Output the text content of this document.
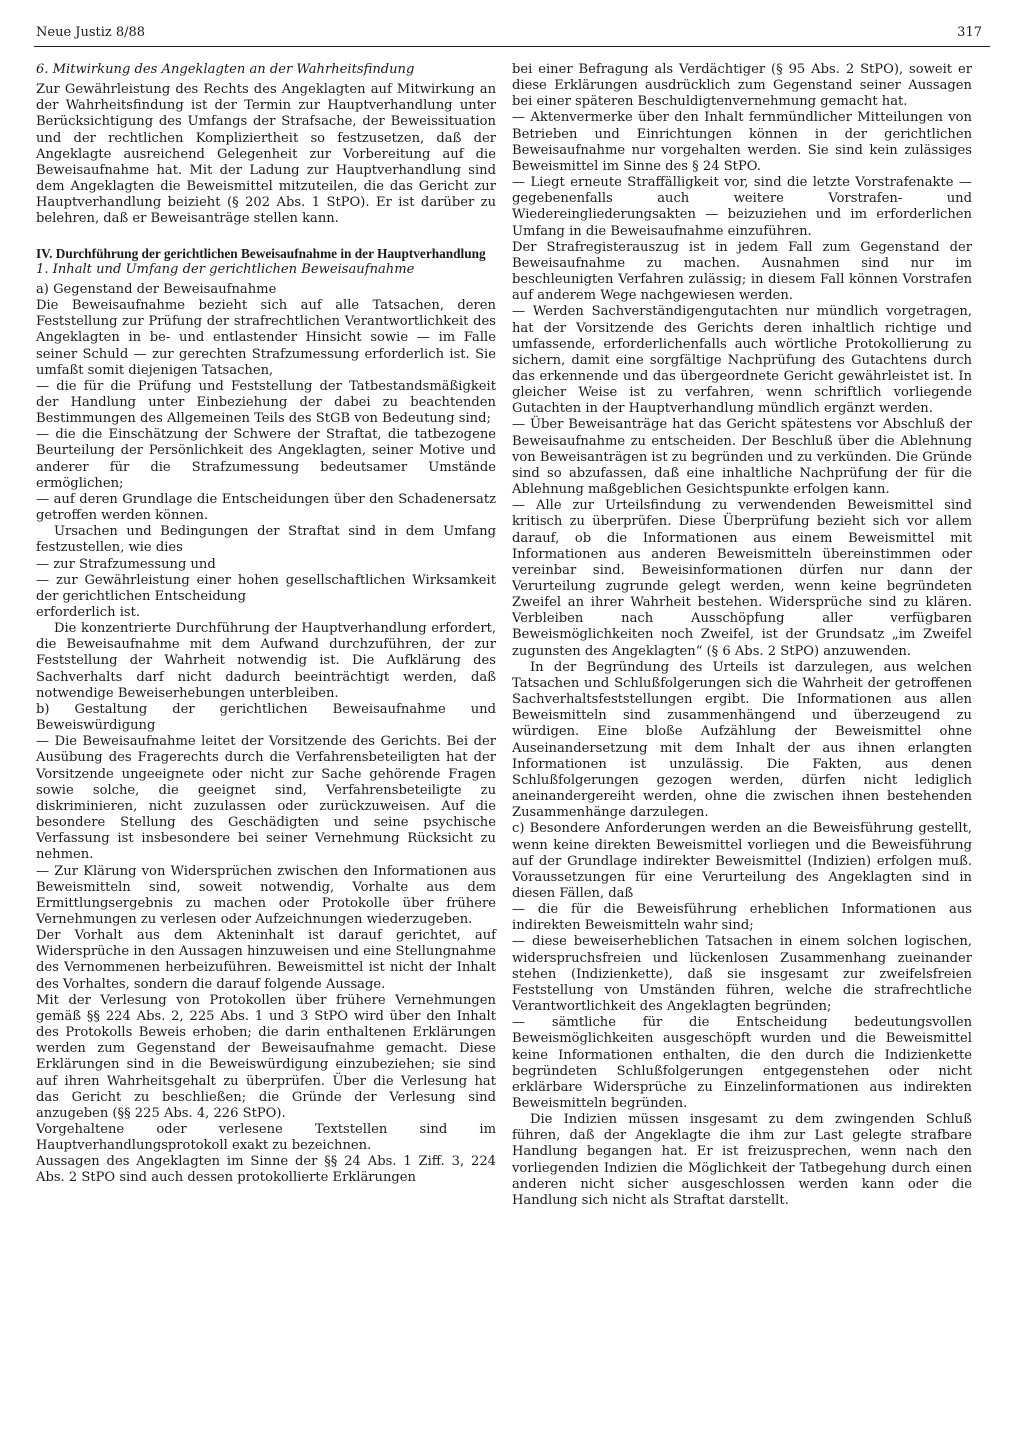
Neue Justiz 8/88	317

6. Mitwirkung des Angeklagten an der Wahrheitsfindung

Zur Gewährleistung des Rechts des Angeklagten auf Mitwirkung an der Wahrheitsfindung ist der Termin zur Hauptverhandlung unter Berücksichtigung des Umfangs der Strafsache, der Beweissituation und der rechtlichen Kompliziertheit so festzusetzen, daß der Angeklagte ausreichend Gelegenheit zur Vorbereitung auf die Beweisaufnahme hat. Mit der Ladung zur Hauptverhandlung sind dem Angeklagten die Beweismittel mitzuteilen, die das Gericht zur Hauptverhandlung beizieht (§ 202 Abs. 1 StPO). Er ist darüber zu belehren, daß er Beweisanträge stellen kann.

IV. Durchführung der gerichtlichen Beweisaufnahme in der Hauptverhandlung

1. Inhalt und Umfang der gerichtlichen Beweisaufnahme

a) Gegenstand der Beweisaufnahme

Die Beweisaufnahme bezieht sich auf alle Tatsachen, deren Feststellung zur Prüfung der strafrechtlichen Verantwortlichkeit des Angeklagten in be- und entlastender Hinsicht sowie — im Falle seiner Schuld — zur gerechten Strafzumessung erforderlich ist. Sie umfaßt somit diejenigen Tatsachen,

— die für die Prüfung und Feststellung der Tatbestandsmäßigkeit der Handlung unter Einbeziehung der dabei zu beachtenden Bestimmungen des Allgemeinen Teils des StGB von Bedeutung sind;

— die die Einschätzung der Schwere der Straftat, die tatbezogene Beurteilung der Persönlichkeit des Angeklagten, seiner Motive und anderer für die Strafzumessung bedeutsamer Umstände ermöglichen;

— auf deren Grundlage die Entscheidungen über den Schadenersatz getroffen werden können.

Ursachen und Bedingungen der Straftat sind in dem Umfang festzustellen, wie dies

— zur Strafzumessung und

— zur Gewährleistung einer hohen gesellschaftlichen Wirksamkeit der gerichtlichen Entscheidung

erforderlich ist.

Die konzentrierte Durchführung der Hauptverhandlung erfordert, die Beweisaufnahme mit dem Aufwand durchzuführen, der zur Feststellung der Wahrheit notwendig ist. Die Aufklärung des Sachverhalts darf nicht dadurch beeinträchtigt werden, daß notwendige Beweiserhebungen unterbleiben.

b) Gestaltung der gerichtlichen Beweisaufnahme und Beweiswürdigung

— Die Beweisaufnahme leitet der Vorsitzende des Gerichts. Bei der Ausübung des Fragerechts durch die Verfahrensbeteiligten hat der Vorsitzende ungeeignete oder nicht zur Sache gehörende Fragen sowie solche, die geeignet sind, Verfahrensbeteiligte zu diskriminieren, nicht zuzulassen oder zurückzuweisen. Auf die besondere Stellung des Geschädigten und seine psychische Verfassung ist insbesondere bei seiner Vernehmung Rücksicht zu nehmen.

— Zur Klärung von Widersprüchen zwischen den Informationen aus Beweismitteln sind, soweit notwendig, Vorhalte aus dem Ermittlungsergebnis zu machen oder Protokolle über frühere Vernehmungen zu verlesen oder Aufzeichnungen wiederzugeben.

Der Vorhalt aus dem Akteninhalt ist darauf gerichtet, auf Widersprüche in den Aussagen hinzuweisen und eine Stellungnahme des Vernommenen herbeizuführen. Beweismittel ist nicht der Inhalt des Vorhaltes, sondern die darauf folgende Aussage.

Mit der Verlesung von Protokollen über frühere Vernehmungen gemäß §§ 224 Abs. 2, 225 Abs. 1 und 3 StPO wird über den Inhalt des Protokolls Beweis erhoben; die darin enthaltenen Erklärungen werden zum Gegenstand der Beweisaufnahme gemacht. Diese Erklärungen sind in die Beweiswürdigung einzubeziehen; sie sind auf ihren Wahrheitsgehalt zu überprüfen. Über die Verlesung hat das Gericht zu beschließen; die Gründe der Verlesung sind anzugeben (§§ 225 Abs. 4, 226 StPO).

Vorgehaltene oder verlesene Textstellen sind im Hauptverhandlungsprotokoll exakt zu bezeichnen.

Aussagen des Angeklagten im Sinne der §§ 24 Abs. 1 Ziff. 3, 224 Abs. 2 StPO sind auch dessen protokollierte Erklärungen

bei einer Befragung als Verdächtiger (§ 95 Abs. 2 StPO), soweit er diese Erklärungen ausdrücklich zum Gegenstand seiner Aussagen bei einer späteren Beschuldigtenvernehmung gemacht hat.

— Aktenvermerke über den Inhalt fernmündlicher Mitteilungen von Betrieben und Einrichtungen können in der gerichtlichen Beweisaufnahme nur vorgehalten werden. Sie sind kein zulässiges Beweismittel im Sinne des § 24 StPO.

— Liegt erneute Straffälligkeit vor, sind die letzte Vorstrafenakte — gegebenenfalls auch weitere Vorstrafen- und Wiedereingliederungsakten — beizuziehen und im erforderlichen Umfang in die Beweisaufnahme einzuführen.

Der Strafregisterauszug ist in jedem Fall zum Gegenstand der Beweisaufnahme zu machen. Ausnahmen sind nur im beschleunigten Verfahren zulässig; in diesem Fall können Vorstrafen auf anderem Wege nachgewiesen werden.

— Werden Sachverständigengutachten nur mündlich vorgetragen, hat der Vorsitzende des Gerichts deren inhaltlich richtige und umfassende, erforderlichenfalls auch wörtliche Protokollierung zu sichern, damit eine sorgfältige Nachprüfung des Gutachtens durch das erkennende und das übergeordnete Gericht gewährleistet ist. In gleicher Weise ist zu verfahren, wenn schriftlich vorliegende Gutachten in der Hauptverhandlung mündlich ergänzt werden.

— Über Beweisanträge hat das Gericht spätestens vor Abschluß der Beweisaufnahme zu entscheiden. Der Beschluß über die Ablehnung von Beweisanträgen ist zu begründen und zu verkünden. Die Gründe sind so abzufassen, daß eine inhaltliche Nachprüfung der für die Ablehnung maßgeblichen Gesichtspunkte erfolgen kann.

— Alle zur Urteilsfindung zu verwendenden Beweismittel sind kritisch zu überprüfen. Diese Überprüfung bezieht sich vor allem darauf, ob die Informationen aus einem Beweismittel mit Informationen aus anderen Beweismitteln übereinstimmen oder vereinbar sind. Beweisinformationen dürfen nur dann der Verurteilung zugrunde gelegt werden, wenn keine begründeten Zweifel an ihrer Wahrheit bestehen. Widersprüche sind zu klären. Verbleiben nach Ausschöpfung aller verfügbaren Beweismöglichkeiten noch Zweifel, ist der Grundsatz „im Zweifel zugunsten des Angeklagten“ (§ 6 Abs. 2 StPO) anzuwenden.

In der Begründung des Urteils ist darzulegen, aus welchen Tatsachen und Schlußfolgerungen sich die Wahrheit der getroffenen Sachverhaltsfeststellungen ergibt. Die Informationen aus allen Beweismitteln sind zusammenhängend und überzeugend zu würdigen. Eine bloße Aufzählung der Beweismittel ohne Auseinandersetzung mit dem Inhalt der aus ihnen erlangten Informationen ist unzulässig. Die Fakten, aus denen Schlußfolgerungen gezogen werden, dürfen nicht lediglich aneinandergereiht werden, ohne die zwischen ihnen bestehenden Zusammenhänge darzulegen.

c) Besondere Anforderungen werden an die Beweisführung gestellt, wenn keine direkten Beweismittel vorliegen und die Beweisführung auf der Grundlage indirekter Beweismittel (Indizien) erfolgen muß. Voraussetzungen für eine Verurteilung des Angeklagten sind in diesen Fällen, daß

— die für die Beweisführung erheblichen Informationen aus indirekten Beweismitteln wahr sind;

— diese beweiserheblichen Tatsachen in einem solchen logischen, widerspruchsfreien und lückenlosen Zusammenhang zueinander stehen (Indizienkette), daß sie insgesamt zur zweifelsfreien Feststellung von Umständen führen, welche die strafrechtliche Verantwortlichkeit des Angeklagten begründen;

— sämtliche für die Entscheidung bedeutungsvollen Beweismöglichkeiten ausgeschöpft wurden und die Beweismittel keine Informationen enthalten, die den durch die Indizienkette begründeten Schlußfolgerungen entgegenstehen oder nicht erklärbare Widersprüche zu Einzelinformationen aus indirekten Beweismitteln begründen.

Die Indizien müssen insgesamt zu dem zwingenden Schluß führen, daß der Angeklagte die ihm zur Last gelegte strafbare Handlung begangen hat. Er ist freizusprechen, wenn nach den vorliegenden Indizien die Möglichkeit der Tatbegehung durch einen anderen nicht sicher ausgeschlossen werden kann oder die Handlung sich nicht als Straftat darstellt.
